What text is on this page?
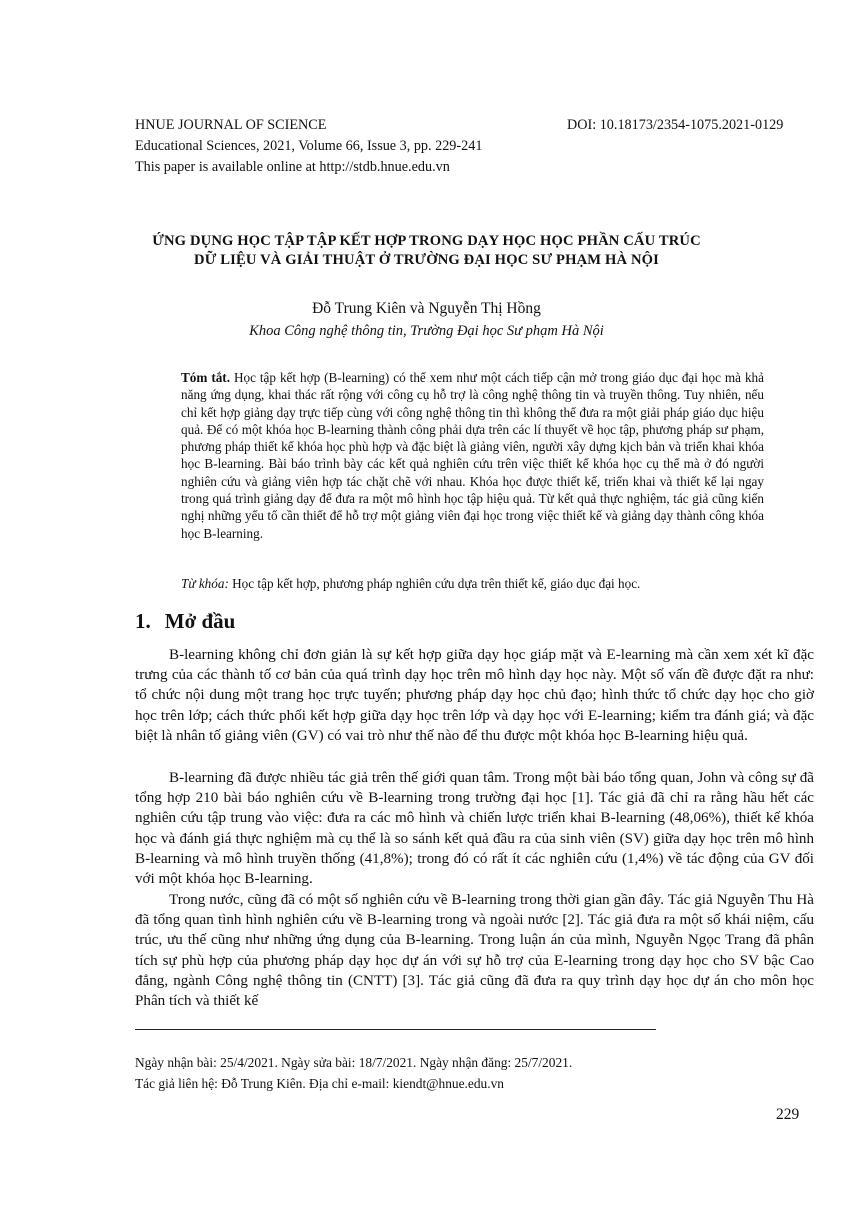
HNUE JOURNAL OF SCIENCE	DOI: 10.18173/2354-1075.2021-0129
Educational Sciences, 2021, Volume 66, Issue 3, pp. 229-241
This paper is available online at http://stdb.hnue.edu.vn
ỨNG DỤNG HỌC TẬP TẬP KẾT HỢP TRONG DẠY HỌC HỌC PHẦN CẤU TRÚC
DỮ LIỆU VÀ GIẢI THUẬT Ở TRƯỜNG ĐẠI HỌC SƯ PHẠM HÀ NỘI
Đỗ Trung Kiên và Nguyễn Thị Hồng
Khoa Công nghệ thông tin, Trường Đại học Sư phạm Hà Nội

Tóm tắt. Học tập kết hợp (B-learning) có thể xem như một cách tiếp cận mở trong giáo dục đại học mà khả năng ứng dụng, khai thác rất rộng với công cụ hỗ trợ là công nghệ thông tin và truyền thông. Tuy nhiên, nếu chỉ kết hợp giảng dạy trực tiếp cùng với công nghệ thông tin thì không thể đưa ra một giải pháp giáo dục hiệu quả. Để có một khóa học B-learning thành công phải dựa trên các lí thuyết về học tập, phương pháp sư phạm, phương pháp thiết kế khóa học phù hợp và đặc biệt là giảng viên, người xây dựng kịch bản và triển khai khóa học B-learning. Bài báo trình bày các kết quả nghiên cứu trên việc thiết kế khóa học cụ thể mà ở đó người nghiên cứu và giảng viên hợp tác chặt chẽ với nhau. Khóa học được thiết kế, triển khai và thiết kế lại ngay trong quá trình giảng dạy để đưa ra một mô hình học tập hiệu quả. Từ kết quả thực nghiệm, tác giả cũng kiến nghị những yếu tố cần thiết để hỗ trợ một giảng viên đại học trong việc thiết kế và giảng dạy thành công khóa học B-learning.

Từ khóa: Học tập kết hợp, phương pháp nghiên cứu dựa trên thiết kế, giáo dục đại học.
1. Mở đầu

B-learning không chỉ đơn giản là sự kết hợp giữa dạy học giáp mặt và E-learning mà cần xem xét kĩ đặc trưng của các thành tố cơ bản của quá trình dạy học trên mô hình dạy học này. Một số vấn đề được đặt ra như: tổ chức nội dung một trang học trực tuyến; phương pháp dạy học chủ đạo; hình thức tổ chức dạy học cho giờ học trên lớp; cách thức phối kết hợp giữa dạy học trên lớp và dạy học với E-learning; kiểm tra đánh giá; và đặc biệt là nhân tố giảng viên (GV) có vai trò như thế nào để thu được một khóa học B-learning hiệu quả.

B-learning đã được nhiều tác giả trên thế giới quan tâm. Trong một bài báo tổng quan, John và công sự đã tổng hợp 210 bài báo nghiên cứu về B-learning trong trường đại học [1]. Tác giả đã chỉ ra rằng hầu hết các nghiên cứu tập trung vào việc: đưa ra các mô hình và chiến lược triển khai B-learning (48,06%), thiết kế khóa học và đánh giá thực nghiệm mà cụ thể là so sánh kết quả đầu ra của sinh viên (SV) giữa dạy học trên mô hình B-learning và mô hình truyền thống (41,8%); trong đó có rất ít các nghiên cứu (1,4%) về tác động của GV đối với một khóa học B-learning.

Trong nước, cũng đã có một số nghiên cứu về B-learning trong thời gian gần đây. Tác giả Nguyễn Thu Hà đã tổng quan tình hình nghiên cứu về B-learning trong và ngoài nước [2]. Tác giả đưa ra một số khái niệm, cấu trúc, ưu thế cũng như những ứng dụng của B-learning. Trong luận án của mình, Nguyễn Ngọc Trang đã phân tích sự phù hợp của phương pháp dạy học dự án với sự hỗ trợ của E-learning trong dạy học cho SV bậc Cao đẳng, ngành Công nghệ thông tin (CNTT) [3]. Tác giả cũng đã đưa ra quy trình dạy học dự án cho môn học Phân tích và thiết kế

Ngày nhận bài: 25/4/2021. Ngày sửa bài: 18/7/2021. Ngày nhận đăng: 25/7/2021.
Tác giả liên hệ: Đỗ Trung Kiên. Địa chỉ e-mail: kiendt@hnue.edu.vn
229
